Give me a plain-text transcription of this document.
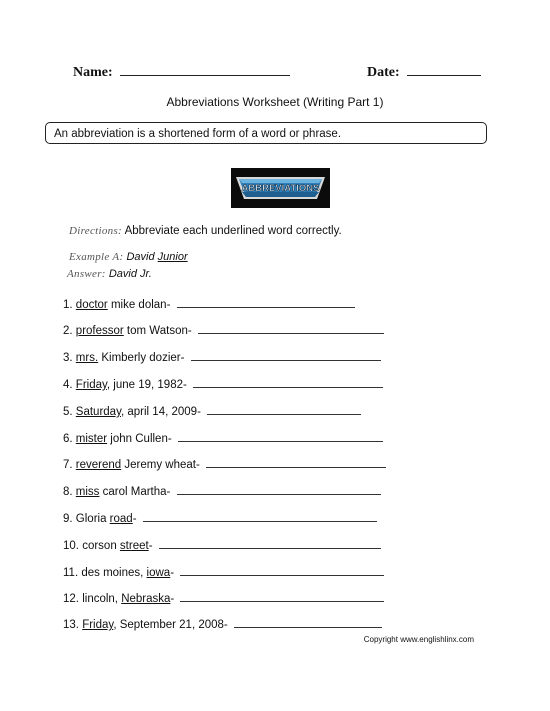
Name:	Date:
Abbreviations Worksheet (Writing Part 1)
An abbreviation is a shortened form of a word or phrase.
ABBREVIATIONS
Directions: Abbreviate each underlined word correctly.
Example A: David Junior
Answer: David Jr.
1. doctor mike dolan-
2. professor tom Watson-
3. mrs. Kimberly dozier-
4. Friday, june 19, 1982-
5. Saturday, april 14, 2009-
6. mister john Cullen-
7. reverend Jeremy wheat-
8. miss carol Martha-
9. Gloria road-
10. corson street-
11. des moines, iowa-
12. lincoln, Nebraska-
13. Friday, September 21, 2008-
Copyright www.englishlinx.com
